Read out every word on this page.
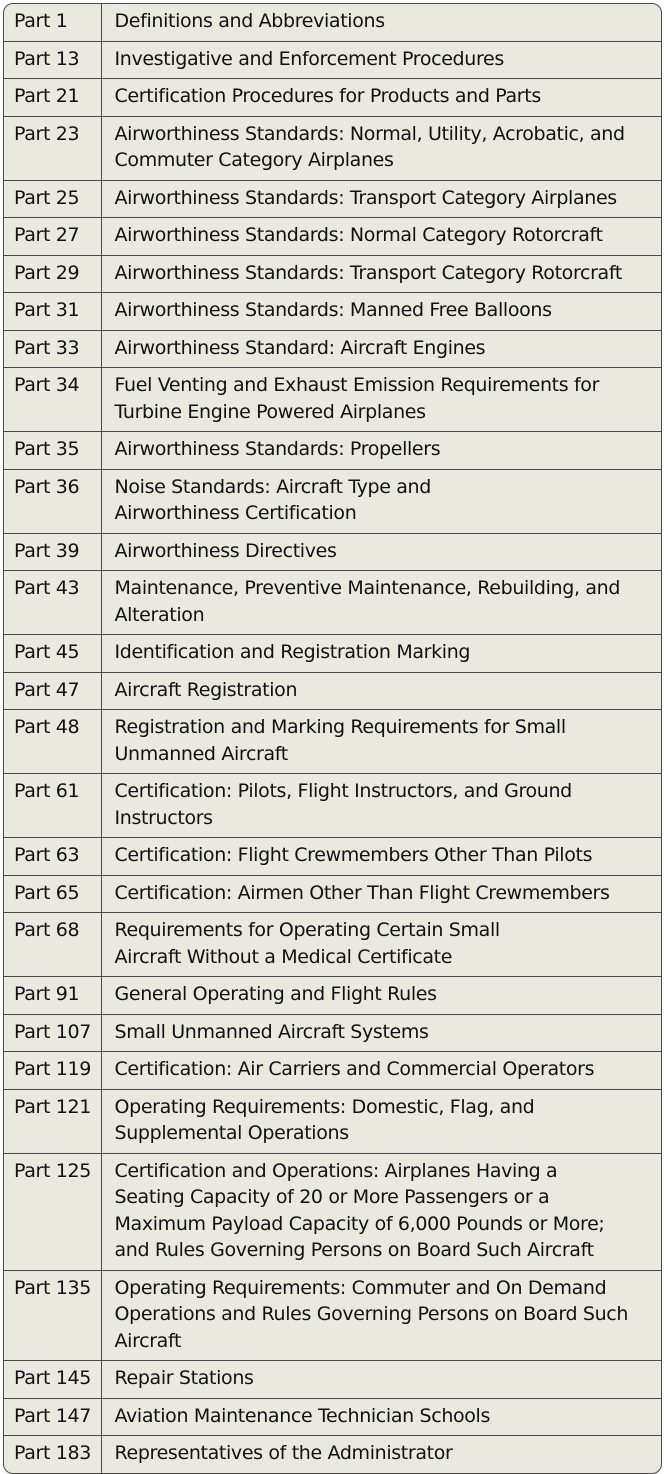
Part 1	Definitions and Abbreviations

Part 13	Investigative and Enforcement Procedures

Part 21	Certification Procedures for Products and Parts

Part 23	Airworthiness Standards: Normal, Utility, Acrobatic, and
Commuter Category Airplanes

Part 25	Airworthiness Standards: Transport Category Airplanes

Part 27	Airworthiness Standards: Normal Category Rotorcraft

Part 29	Airworthiness Standards: Transport Category Rotorcraft

Part 31	Airworthiness Standards: Manned Free Balloons

Part 33	Airworthiness Standard: Aircraft Engines

Part 34	Fuel Venting and Exhaust Emission Requirements for
Turbine Engine Powered Airplanes

Part 35	Airworthiness Standards: Propellers

Part 36	Noise Standards: Aircraft Type and
Airworthiness Certification

Part 39	Airworthiness Directives

Part 43	Maintenance, Preventive Maintenance, Rebuilding, and
Alteration

Part 45	Identification and Registration Marking

Part 47	Aircraft Registration

Part 48	Registration and Marking Requirements for Small
Unmanned Aircraft

Part 61	Certification: Pilots, Flight Instructors, and Ground
Instructors

Part 63	Certification: Flight Crewmembers Other Than Pilots

Part 65	Certification: Airmen Other Than Flight Crewmembers

Part 68	Requirements for Operating Certain Small
Aircraft Without a Medical Certificate

Part 91	General Operating and Flight Rules

Part 107	Small Unmanned Aircraft Systems

Part 119	Certification: Air Carriers and Commercial Operators

Part 121	Operating Requirements: Domestic, Flag, and
Supplemental Operations

Part 125	Certification and Operations: Airplanes Having a
Seating Capacity of 20 or More Passengers or a
Maximum Payload Capacity of 6,000 Pounds or More;
and Rules Governing Persons on Board Such Aircraft

Part 135	Operating Requirements: Commuter and On Demand
Operations and Rules Governing Persons on Board Such
Aircraft

Part 145	Repair Stations

Part 147	Aviation Maintenance Technician Schools

Part 183	Representatives of the Administrator
